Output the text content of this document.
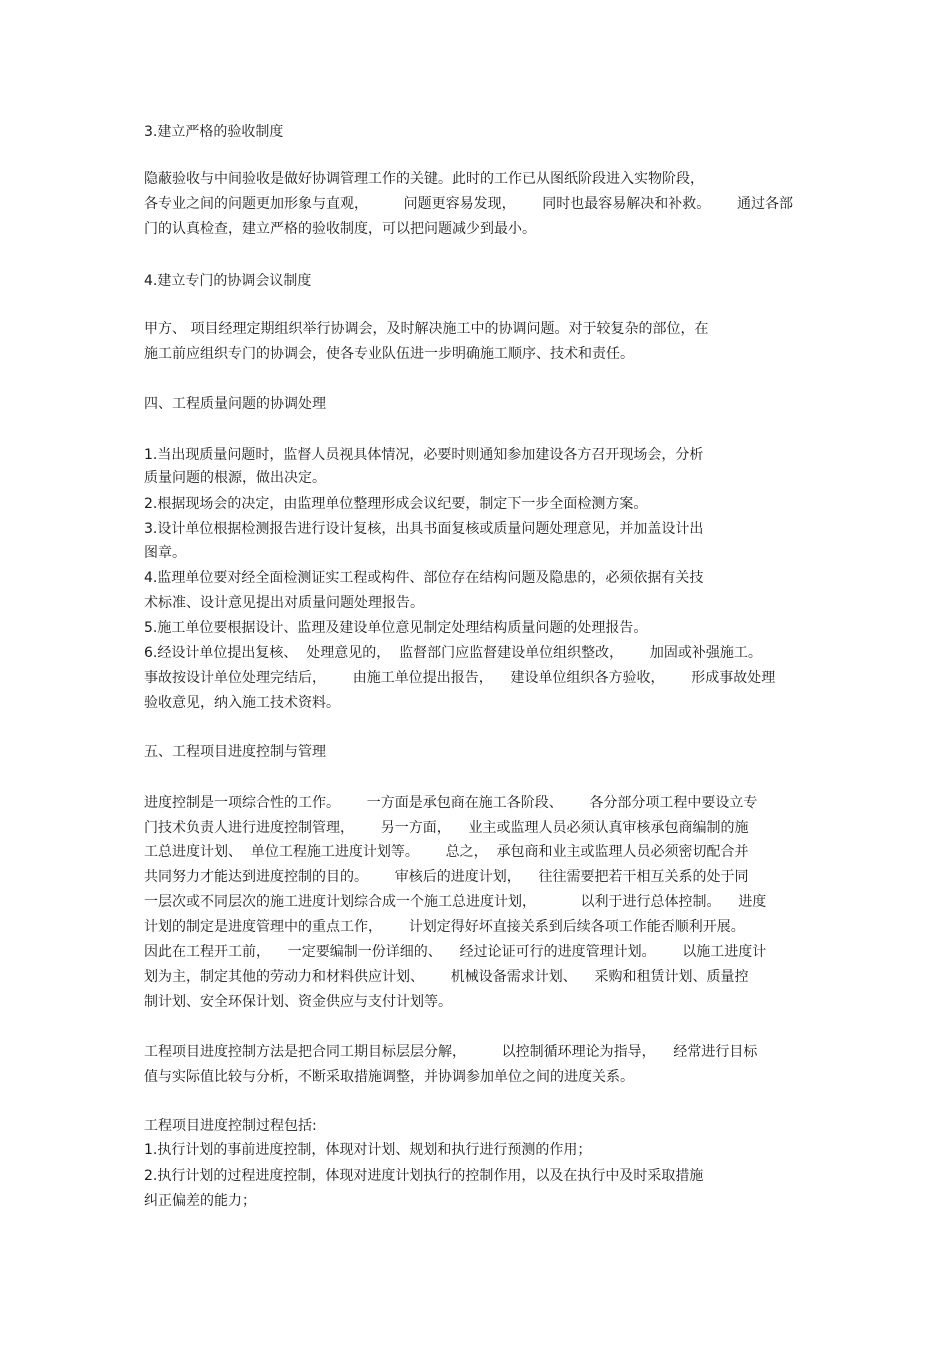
3.建立严格的验收制度
隐蔽验收与中间验收是做好协调管理工作的关键。此时的工作已从图纸阶段进入实物阶段，
各专业之间的问题更加形象与直观，        问题更容易发现，      同时也最容易解决和补救。      通过各部
门的认真检查，建立严格的验收制度，可以把问题减少到最小。
4.建立专门的协调会议制度
甲方、 项目经理定期组织举行协调会，及时解决施工中的协调问题。对于较复杂的部位，在
施工前应组织专门的协调会，使各专业队伍进一步明确施工顺序、技术和责任。
四、工程质量问题的协调处理
1.当出现质量问题时，监督人员视具体情况，必要时则通知参加建设各方召开现场会，分析
质量问题的根源，做出决定。
2.根据现场会的决定，由监理单位整理形成会议纪要，制定下一步全面检测方案。
3.设计单位根据检测报告进行设计复核，出具书面复核或质量问题处理意见，并加盖设计出
图章。
4.监理单位要对经全面检测证实工程或构件、部位存在结构问题及隐患的，必须依据有关技
术标准、设计意见提出对质量问题处理报告。
5.施工单位要根据设计、监理及建设单位意见制定处理结构质量问题的处理报告。
6.经设计单位提出复核、  处理意见的，  监督部门应监督建设单位组织整改，      加固或补强施工。
事故按设计单位处理完结后，      由施工单位提出报告，    建设单位组织各方验收，      形成事故处理
验收意见，纳入施工技术资料。
五、工程项目进度控制与管理
进度控制是一项综合性的工作。      一方面是承包商在施工各阶段、      各分部分项工程中要设立专
门技术负责人进行进度控制管理，      另一方面，    业主或监理人员必须认真审核承包商编制的施
工总进度计划、  单位工程施工进度计划等。      总之，  承包商和业主或监理人员必须密切配合并
共同努力才能达到进度控制的目的。      审核后的进度计划，    往往需要把若干相互关系的处于同
一层次或不同层次的施工进度计划综合成一个施工总进度计划，          以利于进行总体控制。    进度
计划的制定是进度管理中的重点工作，      计划定得好坏直接关系到后续各项工作能否顺利开展。
因此在工程开工前，    一定要编制一份详细的、    经过论证可行的进度管理计划。      以施工进度计
划为主，制定其他的劳动力和材料供应计划、      机械设备需求计划、    采购和租赁计划、质量控
制计划、安全环保计划、资金供应与支付计划等。
工程项目进度控制方法是把合同工期目标层层分解，        以控制循环理论为指导，    经常进行目标
值与实际值比较与分析，不断采取措施调整，并协调参加单位之间的进度关系。
工程项目进度控制过程包括:
1.执行计划的事前进度控制，体现对计划、规划和执行进行预测的作用；
2.执行计划的过程进度控制，体现对进度计划执行的控制作用，以及在执行中及时采取措施
纠正偏差的能力；
